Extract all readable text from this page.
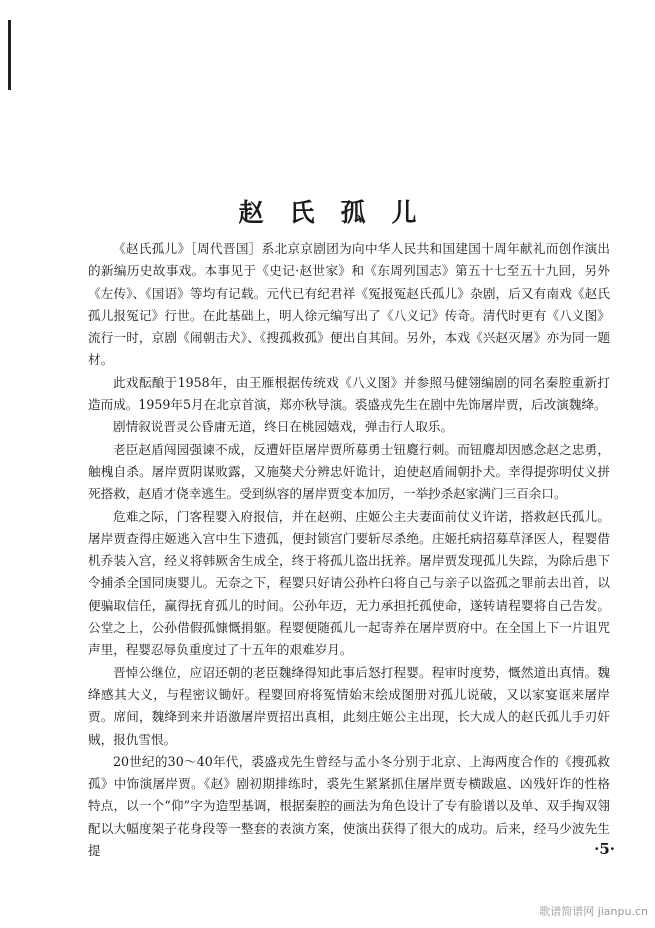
赵氏孤儿

《赵氏孤儿》［周代晋国］系北京京剧团为向中华人民共和国建国十周年献礼而创作演出的新编历史故事戏。本事见于《史记·赵世家》和《东周列国志》第五十七至五十九回，另外《左传》、《国语》等均有记载。元代已有纪君祥《冤报冤赵氏孤儿》杂剧，后又有南戏《赵氏孤儿报冤记》行世。在此基础上，明人徐元编写出了《八义记》传奇。清代时更有《八义图》流行一时，京剧《闹朝击犬》、《搜孤救孤》便出自其间。另外，本戏《兴赵灭屠》亦为同一题材。

此戏酝酿于1958年，由王雁根据传统戏《八义图》并参照马健翎编剧的同名秦腔重新打造而成。1959年5月在北京首演，郑亦秋导演。裘盛戎先生在剧中先饰屠岸贾，后改演魏绛。

剧情叙说晋灵公昏庸无道，终日在桃园嬉戏，弹击行人取乐。

老臣赵盾闯园强谏不成，反遭奸臣屠岸贾所募勇士钮麑行刺。而钮麑却因感念赵之忠勇，触槐自杀。屠岸贾阴谋败露，又施獒犬分辨忠奸诡计，迫使赵盾闹朝扑犬。幸得提弥明仗义拼死搭救，赵盾才侥幸逃生。受到纵容的屠岸贾变本加厉，一举抄杀赵家满门三百余口。

危难之际，门客程婴入府报信，并在赵朔、庄姬公主夫妻面前仗义许诺，搭救赵氏孤儿。屠岸贾查得庄姬逃入宫中生下遗孤，便封锁宫门要斩尽杀绝。庄姬托病招募草泽医人，程婴借机乔装入宫，经义将韩厥舍生成全，终于将孤儿盗出抚养。屠岸贾发现孤儿失踪，为除后患下令捕杀全国同庚婴儿。无奈之下，程婴只好请公孙杵臼将自己与亲子以盗孤之罪前去出首，以便骗取信任，赢得抚育孤儿的时间。公孙年迈，无力承担托孤使命，遂转请程婴将自己告发。公堂之上，公孙借假孤慷慨捐躯。程婴便随孤儿一起寄养在屠岸贾府中。在全国上下一片诅咒声里，程婴忍辱负重度过了十五年的艰难岁月。

晋悼公继位，应诏还朝的老臣魏绛得知此事后怒打程婴。程审时度势，慨然道出真情。魏绛感其大义，与程密议锄奸。程婴回府将冤情始末绘成图册对孤儿说破，又以家宴诓来屠岸贾。席间，魏绛到来并语激屠岸贾招出真相，此刻庄姬公主出现，长大成人的赵氏孤儿手刃奸贼，报仇雪恨。

20世纪的30～40年代，裘盛戎先生曾经与孟小冬分别于北京、上海两度合作的《搜孤救孤》中饰演屠岸贾。《赵》剧初期排练时，裘先生紧紧抓住屠岸贾专横跋扈、凶残奸诈的性格特点，以一个“仰”字为造型基调，根据秦腔的画法为角色设计了专有脸谱以及单、双手掏双翎配以大幅度架子花身段等一整套的表演方案，使演出获得了很大的成功。后来，经马少波先生提	·5·
歌谱简谱网 jianpu.cn
